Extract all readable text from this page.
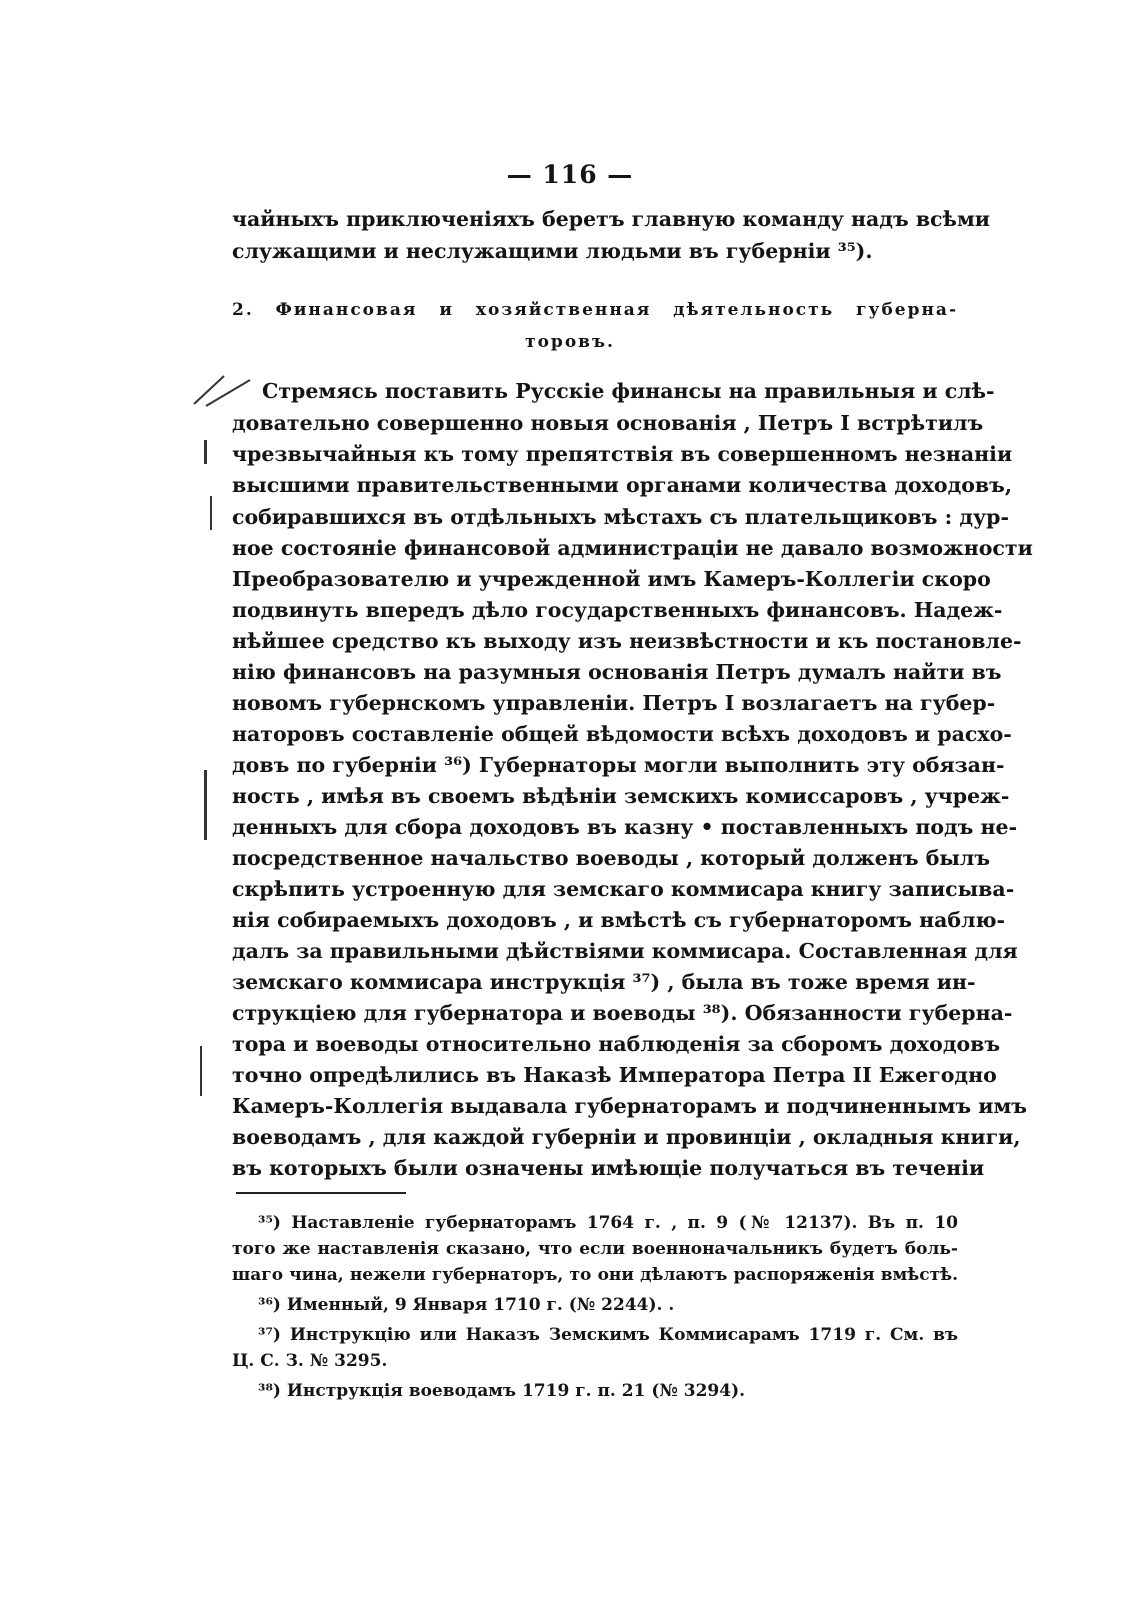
— 116 —
чайныхъ приключеніяхъ беретъ главную команду надъ всѣми
служащими и неслужащими людьми въ губерніи ³⁵).
2. Финансовая и хозяйственная дѣятельность губерна-
торовъ.
Стремясь поставить Русскіе финансы на правильныя и слѣ-
довательно совершенно новыя основанія , Петръ I встрѣтилъ
чрезвычайныя къ тому препятствія въ совершенномъ незнаніи
высшими правительственными органами количества доходовъ,
собиравшихся въ отдѣльныхъ мѣстахъ съ плательщиковъ : дур-
ное состояніе финансовой администраціи не давало возможности
Преобразователю и учрежденной имъ Камеръ-Коллегіи скоро
подвинуть впередъ дѣло государственныхъ финансовъ. Надеж-
нѣйшее средство къ выходу изъ неизвѣстности и къ постановле-
нію финансовъ на разумныя основанія Петръ думалъ найти въ
новомъ губернскомъ управленіи. Петръ I возлагаетъ на губер-
наторовъ составленіе общей вѣдомости всѣхъ доходовъ и расхо-
довъ по губерніи ³⁶) Губернаторы могли выполнить эту обязан-
ность , имѣя въ своемъ вѣдѣніи земскихъ комиссаровъ , учреж-
денныхъ для сбора доходовъ въ казну • поставленныхъ подъ не-
посредственное начальство воеводы , который долженъ былъ
скрѣпить устроенную для земскаго коммисара книгу записыва-
нія собираемыхъ доходовъ , и вмѣстѣ съ губернаторомъ наблю-
далъ за правильными дѣйствіями коммисара. Составленная для
земскаго коммисара инструкція ³⁷) , была въ тоже время ин-
струкціею для губернатора и воеводы ³⁸). Обязанности губерна-
тора и воеводы относительно наблюденія за сборомъ доходовъ
точно опредѣлились въ Наказѣ Императора Петра II Ежегодно
Камеръ-Коллегія выдавала губернаторамъ и подчиненнымъ имъ
воеводамъ , для каждой губерніи и провинціи , окладныя книги,
въ которыхъ были означены имѣющіе получаться въ теченіи
³⁵) Наставленіе губернаторамъ 1764 г. , п. 9 (№ 12137). Въ п. 10
того же наставленія сказано, что если военноначальникъ будетъ боль-
шаго чина, нежели губернаторъ, то они дѣлаютъ распоряженія вмѣстѣ.
³⁶) Именный, 9 Января 1710 г. (№ 2244). .
³⁷) Инструкцію или Наказъ Земскимъ Коммисарамъ 1719 г. См. въ
Ц. С. З. № 3295.
³⁸) Инструкція воеводамъ 1719 г. п. 21 (№ 3294).
